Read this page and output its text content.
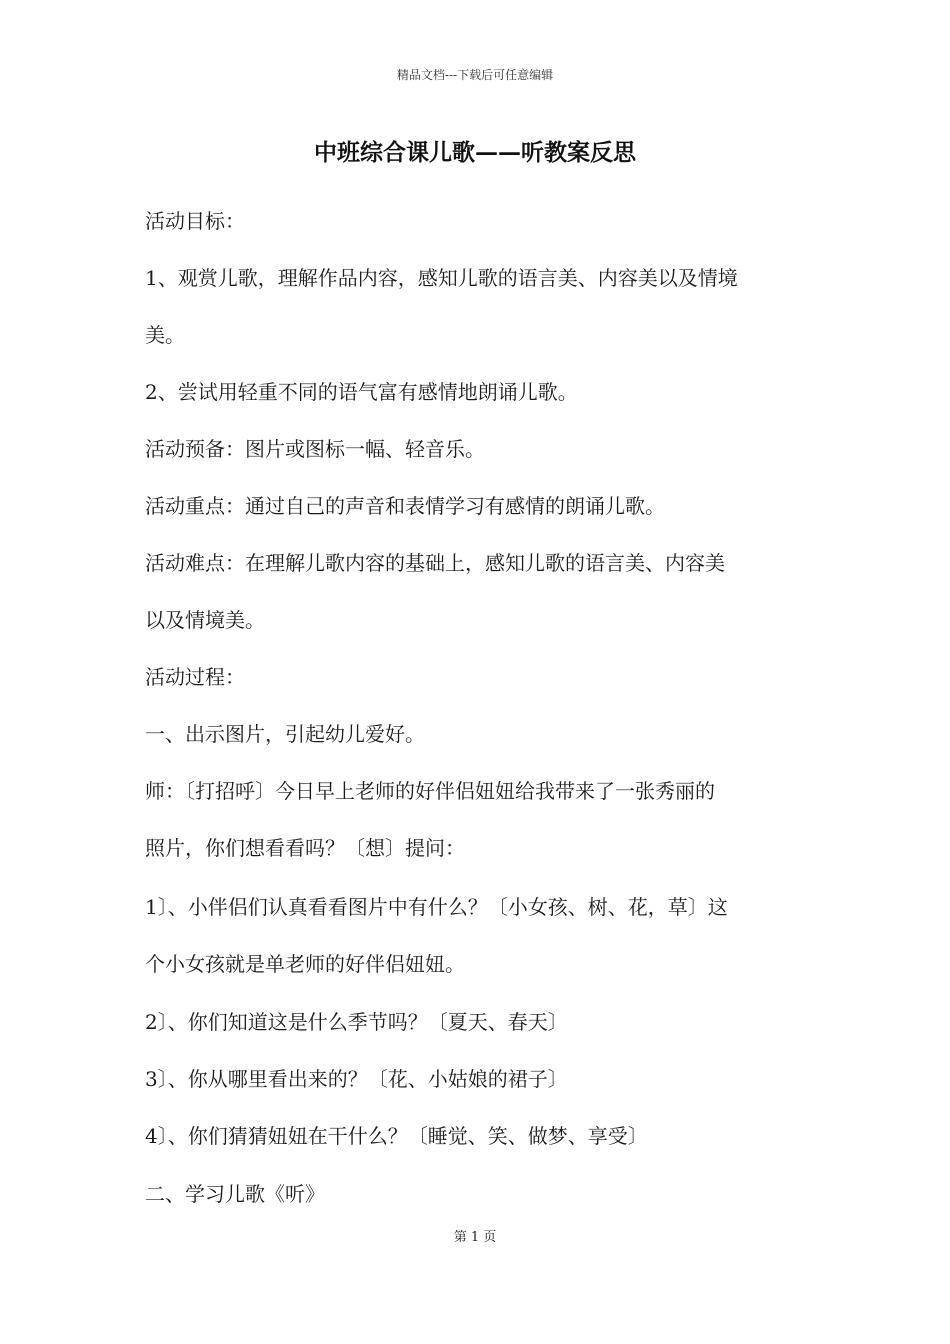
精品文档---下载后可任意编辑
中班综合课儿歌——听教案反思
活动目标：
1、观赏儿歌，理解作品内容，感知儿歌的语言美、内容美以及情境
美。
2、尝试用轻重不同的语气富有感情地朗诵儿歌。
活动预备：图片或图标一幅、轻音乐。
活动重点：通过自己的声音和表情学习有感情的朗诵儿歌。
活动难点：在理解儿歌内容的基础上，感知儿歌的语言美、内容美
以及情境美。
活动过程：
一、出示图片，引起幼儿爱好。
师：〔打招呼〕今日早上老师的好伴侣妞妞给我带来了一张秀丽的
照片，你们想看看吗？〔想〕提问：
1〕、小伴侣们认真看看图片中有什么？〔小女孩、树、花，草〕这
个小女孩就是单老师的好伴侣妞妞。
2〕、你们知道这是什么季节吗？〔夏天、春天〕
3〕、你从哪里看出来的？〔花、小姑娘的裙子〕
4〕、你们猜猜妞妞在干什么？〔睡觉、笑、做梦、享受〕
二、学习儿歌《听》
第 1 页
